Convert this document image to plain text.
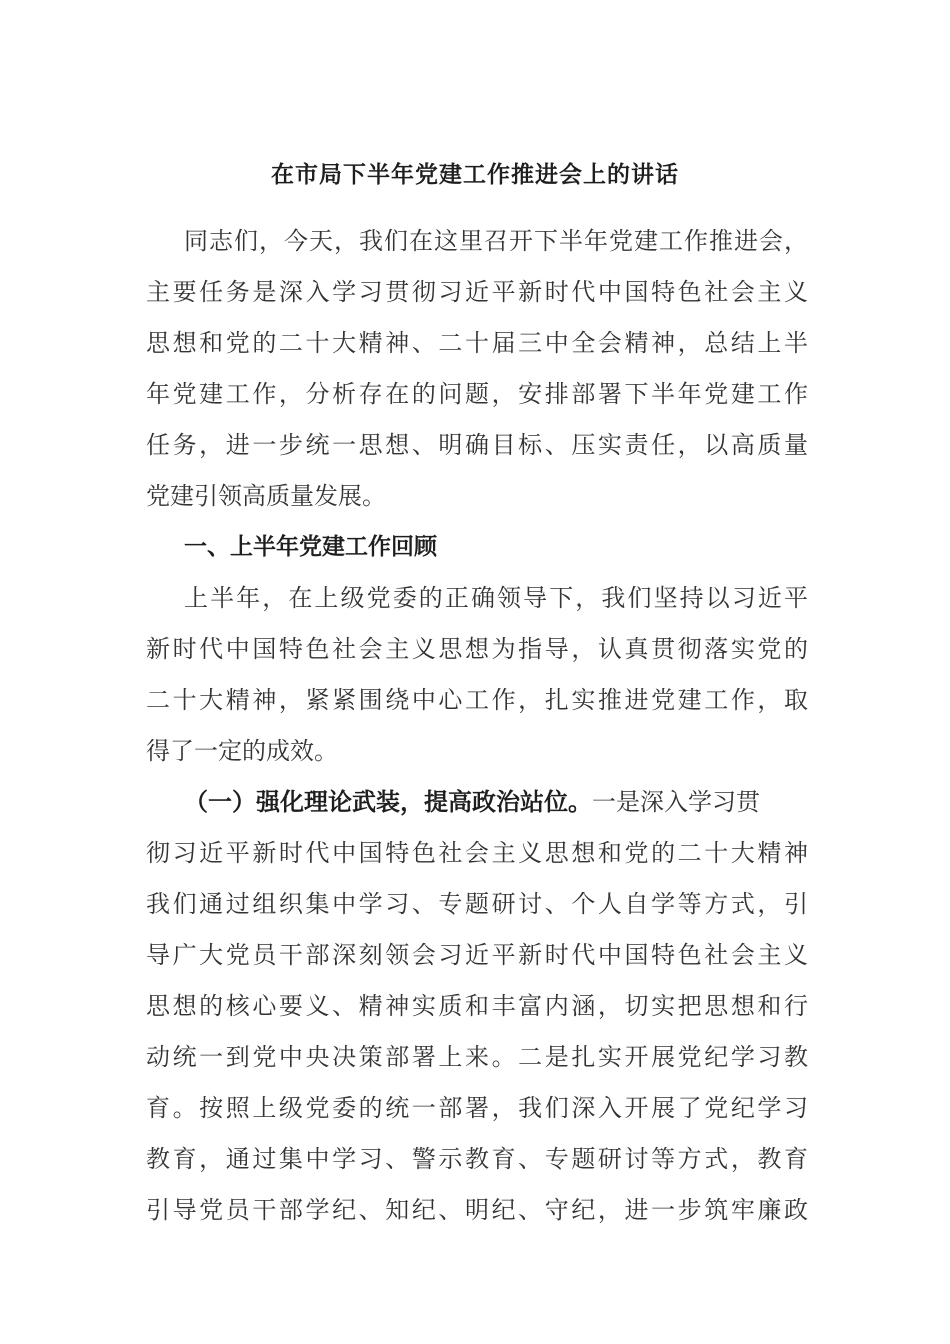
在市局下半年党建工作推进会上的讲话
同志们，今天，我们在这里召开下半年党建工作推进会，
主要任务是深入学习贯彻习近平新时代中国特色社会主义
思想和党的二十大精神、二十届三中全会精神，总结上半
年党建工作，分析存在的问题，安排部署下半年党建工作
任务，进一步统一思想、明确目标、压实责任，以高质量
党建引领高质量发展。
一、上半年党建工作回顾
上半年，在上级党委的正确领导下，我们坚持以习近平
新时代中国特色社会主义思想为指导，认真贯彻落实党的
二十大精神，紧紧围绕中心工作，扎实推进党建工作，取
得了一定的成效。
（一）强化理论武装，提高政治站位。一是深入学习贯
彻习近平新时代中国特色社会主义思想和党的二十大精神
我们通过组织集中学习、专题研讨、个人自学等方式，引
导广大党员干部深刻领会习近平新时代中国特色社会主义
思想的核心要义、精神实质和丰富内涵，切实把思想和行
动统一到党中央决策部署上来。二是扎实开展党纪学习教
育。按照上级党委的统一部署，我们深入开展了党纪学习
教育，通过集中学习、警示教育、专题研讨等方式，教育
引导党员干部学纪、知纪、明纪、守纪，进一步筑牢廉政
